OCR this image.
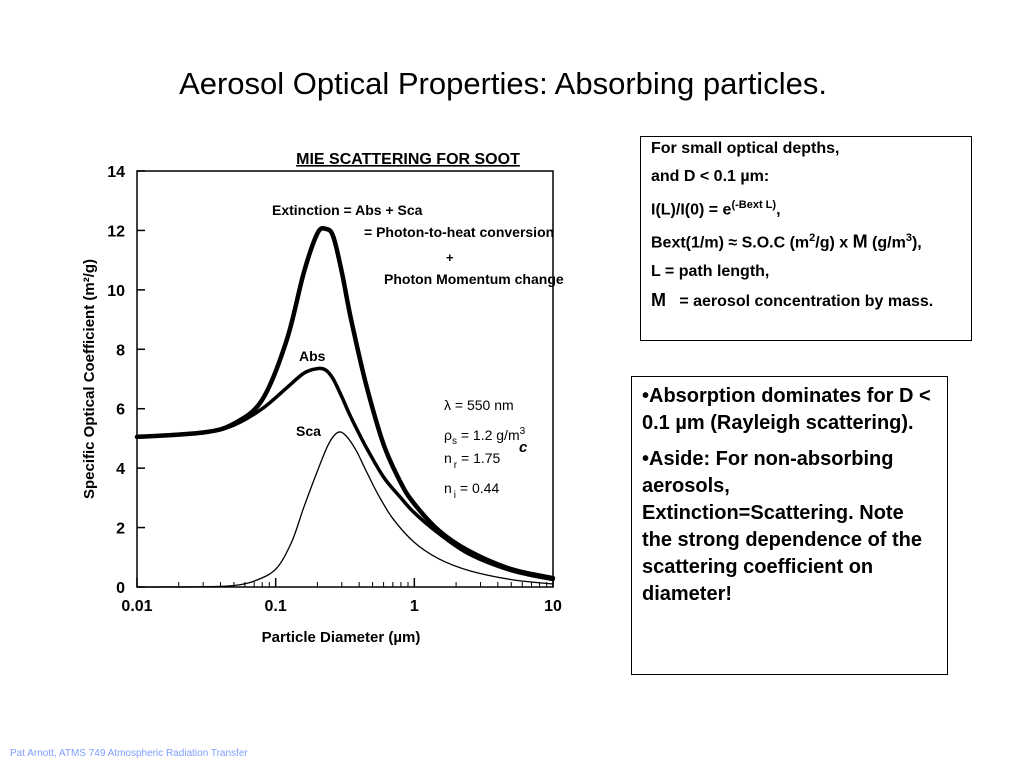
Aerosol Optical Properties: Absorbing particles.
MIE SCATTERING FOR SOOT
0
2
4
6
8
10
12
14
0.01	0.1	1	10
Particle Diameter (µm)
Specific Optical Coefficient (m²/g)
Extinction = Abs + Sca
= Photon-to-heat conversion
+
Photon Momentum change
Abs
Sca
λ = 550 nm
$\rho_s = 1.2$ $g/m^3$
c
n $_r$ = 1.75
n $_i$ = 0.44

For small optical depths,

and D < 0.1 µm:

$I(L)/I(0) = e^{(-Bext L)}$,

Bext(1/m) ≈ S.O.C $(m^2/g)$ x M $(g/m^3)$,

L = path length,

M   = aerosol concentration by mass.

•Absorption dominates for D < 0.1 µm (Rayleigh scattering).

•Aside: For non-absorbing aerosols, Extinction=Scattering. Note the strong dependence of the scattering coefficient on diameter!

Pat Arnott, ATMS 749 Atmospheric Radiation Transfer
